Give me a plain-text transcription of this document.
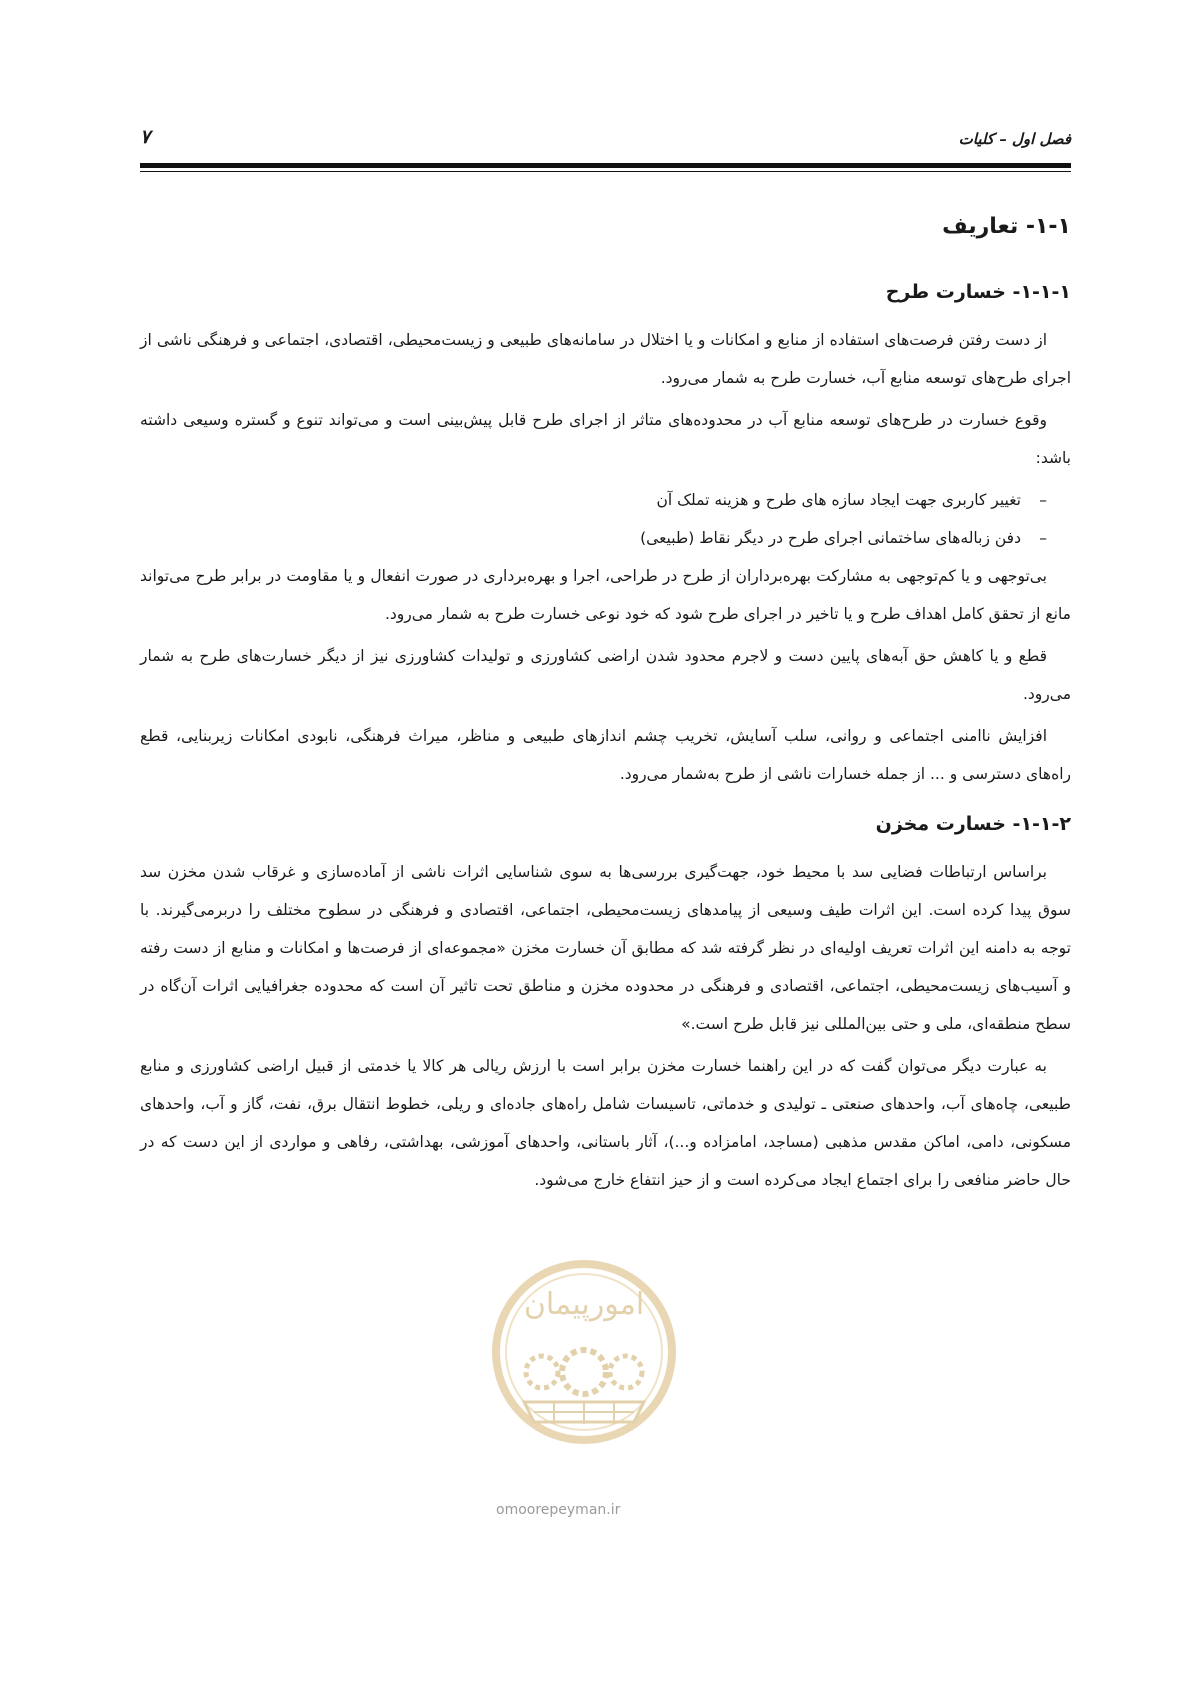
فصل اول – کلیات
۷
۱-۱- تعاریف
۱-۱-۱- خسارت طرح

از دست رفتن فرصت‌های استفاده از منابع و امکانات و یا اختلال در سامانه‌های طبیعی و زیست‌محیطی، اقتصادی، اجتماعی و فرهنگی ناشی از اجرای طرح‌های توسعه منابع آب، خسارت طرح به شمار می‌رود.

وقوع خسارت در طرح‌های توسعه منابع آب در محدوده‌های متاثر از اجرای طرح قابل پیش‌بینی است و می‌تواند تنوع و گستره وسیعی داشته باشد:

–تغییر کاربری جهت ایجاد سازه های طرح و هزینه تملک آن
–دفن زباله‌های ساختمانی اجرای طرح در دیگر نقاط (طبیعی)

بی‌توجهی و یا کم‌توجهی به مشارکت بهره‌برداران از طرح در طراحی، اجرا و بهره‌برداری در صورت انفعال و یا مقاومت در برابر طرح می‌تواند مانع از تحقق کامل اهداف طرح و یا تاخیر در اجرای طرح شود که خود نوعی خسارت طرح به شمار می‌رود.

قطع و یا کاهش حق آبه‌های پایین دست و لاجرم محدود شدن اراضی کشاورزی و تولیدات کشاورزی نیز از دیگر خسارت‌های طرح به شمار می‌رود.

افزایش ناامنی اجتماعی و روانی، سلب آسایش، تخریب چشم اندازهای طبیعی و مناظر، میراث فرهنگی، نابودی امکانات زیربنایی، قطع راه‌های دسترسی و ... از جمله خسارات ناشی از طرح به‌شمار می‌رود.

۱-۱-۲- خسارت مخزن

براساس ارتباطات فضایی سد با محیط خود، جهت‌گیری بررسی‌ها به سوی شناسایی اثرات ناشی از آماده‌سازی و غرقاب شدن مخزن سد سوق پیدا کرده است. این اثرات طیف وسیعی از پیامدهای زیست‌محیطی، اجتماعی، اقتصادی و فرهنگی در سطوح مختلف را دربرمی‌گیرند. با توجه به دامنه این اثرات تعریف اولیه‌ای در نظر گرفته شد که مطابق آن خسارت مخزن «مجموعه‌ای از فرصت‌ها و امکانات و منابع از دست رفته و آسیب‌های زیست‌محیطی، اجتماعی، اقتصادی و فرهنگی در محدوده مخزن و مناطق تحت تاثیر آن است که محدوده جغرافیایی اثرات آن‌گاه در سطح منطقه‌ای، ملی و حتی بین‌المللی نیز قابل طرح است.»

به عبارت دیگر می‌توان گفت که در این راهنما خسارت مخزن برابر است با ارزش ریالی هر کالا یا خدمتی از قبیل اراضی کشاورزی و منابع طبیعی، چاه‌های آب، واحدهای صنعتی ـ تولیدی و خدماتی، تاسیسات شامل راه‌های جاده‌ای و ریلی، خطوط انتقال برق، نفت، گاز و آب، واحدهای مسکونی، دامی، اماکن مقدس مذهبی (مساجد، امامزاده و...)، آثار باستانی، واحدهای آموزشی، بهداشتی، رفاهی و مواردی از این دست که در حال حاضر منافعی را برای اجتماع ایجاد می‌کرده است و از حیز انتفاع خارج می‌شود.

امورپیمان
omoorepeyman.ir
